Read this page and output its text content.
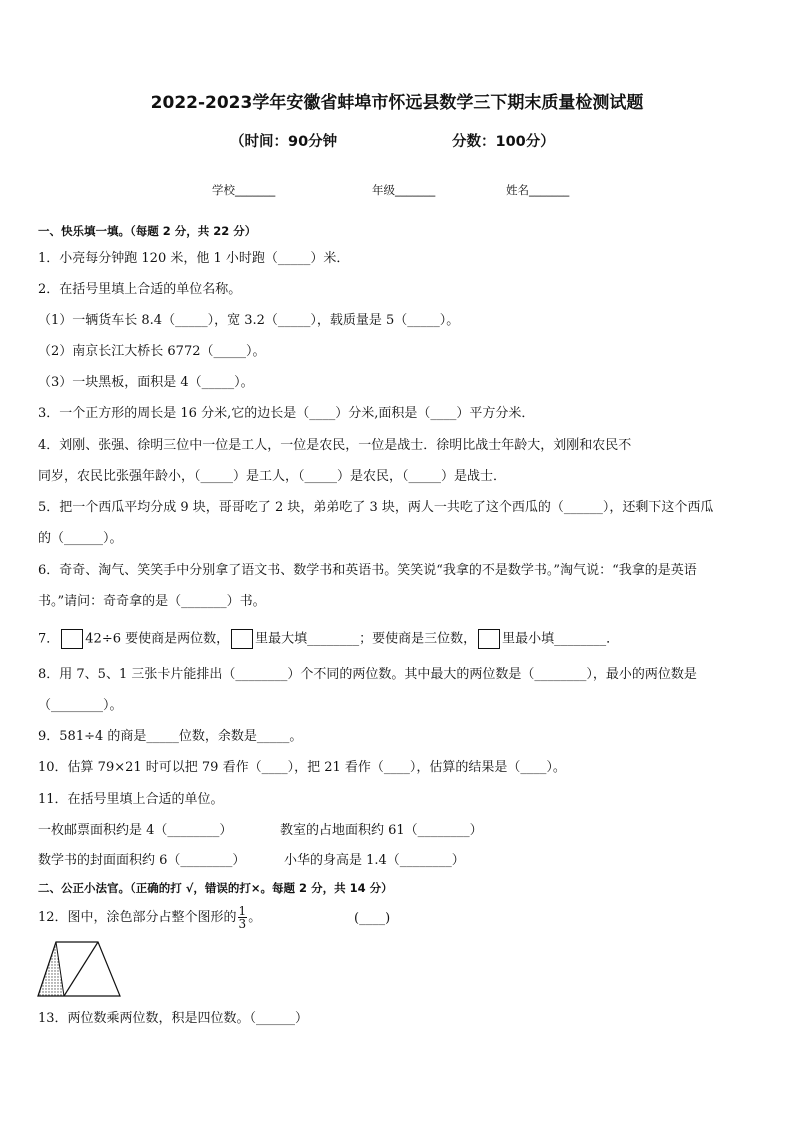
2022-2023学年安徽省蚌埠市怀远县数学三下期末质量检测试题
（时间：90分钟	分数：100分）
学校_______	年级_______	姓名_______
一、快乐填一填。（每题 2 分，共 22 分）
1．小亮每分钟跑 120 米，他 1 小时跑（_____）米．
2．在括号里填上合适的单位名称。
（1）一辆货车长 8.4（_____），宽 3.2（_____），载质量是 5（_____）。
（2）南京长江大桥长 6772（_____）。
（3）一块黑板，面积是 4（_____）。
3．一个正方形的周长是 16 分米,它的边长是（____）分米,面积是（____）平方分米．
4．刘刚、张强、徐明三位中一位是工人，一位是农民，一位是战士．徐明比战士年龄大，刘刚和农民不
同岁，农民比张强年龄小，（_____）是工人，（_____）是农民，（_____）是战士．
5．把一个西瓜平均分成 9 块，哥哥吃了 2 块，弟弟吃了 3 块，两人一共吃了这个西瓜的（______），还剩下这个西瓜
的（______）。
6．奇奇、淘气、笑笑手中分别拿了语文书、数学书和英语书。笑笑说“我拿的不是数学书。”淘气说：“我拿的是英语
书。”请问：奇奇拿的是（_______）书。
7． 42÷6 要使商是两位数， 里最大填________；要使商是三位数， 里最小填________．
8．用 7、5、1 三张卡片能排出（________）个不同的两位数。其中最大的两位数是（________），最小的两位数是
（________）。
9．581÷4 的商是_____位数，余数是_____。
10．估算 79×21 时可以把 79 看作（____），把 21 看作（____），估算的结果是（____）。
11．在括号里填上合适的单位。
一枚邮票面积约是 4（________）	教室的占地面积约 61（________）
数学书的封面面积约 6（________）	小华的身高是 1.4（________）
二、公正小法官。（正确的打 √，错误的打×。每题 2 分，共 14 分）
12．图中，涂色部分占整个图形的 $\frac{1}{3}$ 。	(____)
13．两位数乘两位数，积是四位数。（______）
